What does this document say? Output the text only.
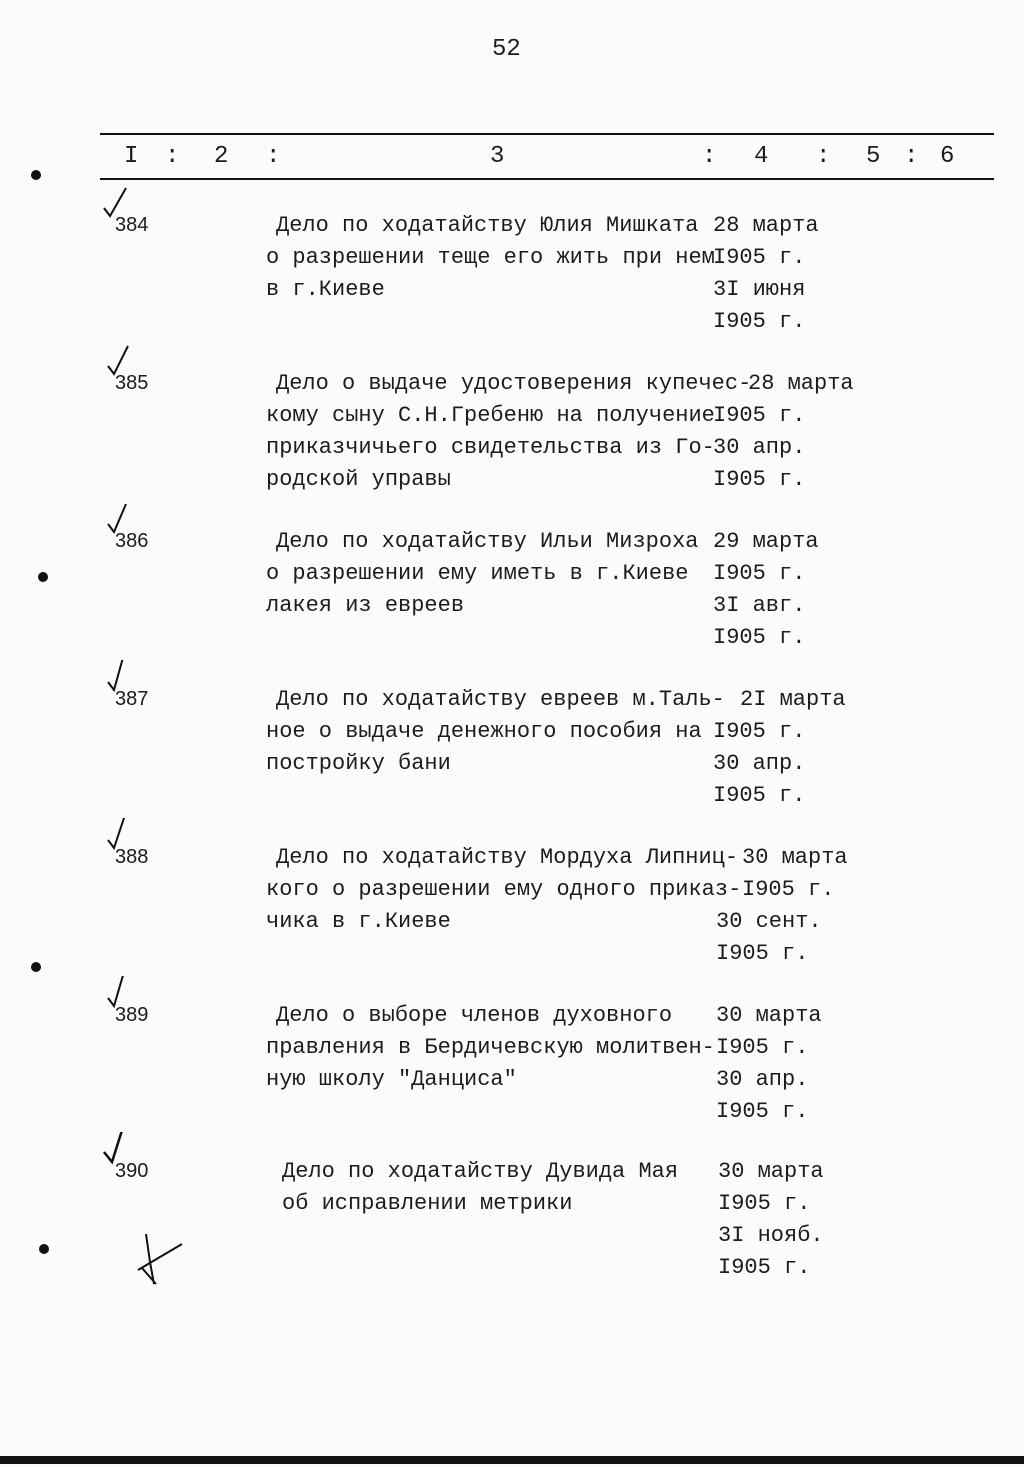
52
I : 2 :	3	: 4 : 5 : 6
384	Дело по ходатайству Юлия Мишката
о разрешении теще его жить при нем
в г.Киеве
28 марта
I905 г.
3I июня
I905 г.
385	Дело о выдаче удостоверения купечес-
кому сыну С.Н.Гребеню на получение
приказчичьего свидетельства из Го-
родской управы
28 марта
I905 г.
30 апр.
I905 г.
386	Дело по ходатайству Ильи Мизроха
о разрешении ему иметь в г.Киеве
лакея из евреев
29 марта
I905 г.
3I авг.
I905 г.
387	Дело по ходатайству евреев м.Таль-
ное о выдаче денежного пособия на
постройку бани
2I марта
I905 г.
30 апр.
I905 г.
388	Дело по ходатайству Мордуха Липниц-
кого о разрешении ему одного приказ-
чика в г.Киеве
30 марта
I905 г.
30 сент.
I905 г.
389	Дело о выборе членов духовного
правления в Бердичевскую молитвен-
ную школу "Данциса"
30 марта
I905 г.
30 апр.
I905 г.
390	Дело по ходатайству Дувида Мая
об исправлении метрики
30 марта
I905 г.
3I нояб.
I905 г.
